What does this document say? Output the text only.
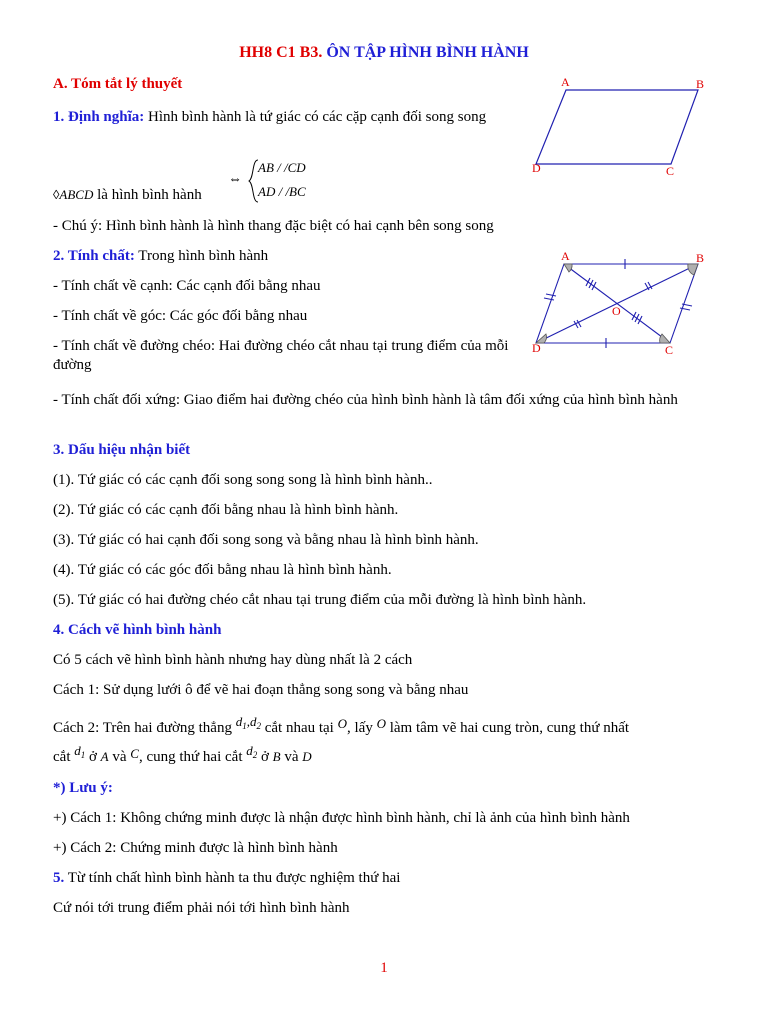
HH8 C1 B3. ÔN TẬP HÌNH BÌNH HÀNH
A. Tóm tắt lý thuyết
1. Định nghĩa: Hình bình hành là tứ giác có các cặp cạnh đối song song
◊ABCD là hình bình hành
⇔
AB / /CD
AD / /BC
A	B
C
D
- Chú ý: Hình bình hành là hình thang đặc biệt có hai cạnh bên song song
2. Tính chất: Trong hình bình hành
- Tính chất về cạnh: Các cạnh đối bằng nhau
- Tính chất về góc: Các góc đối bằng nhau
- Tính chất về đường chéo: Hai đường chéo cắt nhau tại trung điểm của mỗi đường
A	B
C
D
O
- Tính chất đối xứng: Giao điểm hai đường chéo của hình bình hành là tâm đối xứng của hình bình hành
3. Dấu hiệu nhận biết
(1). Tứ giác có các cạnh đối song song song là hình bình hành..
(2). Tứ giác có các cạnh đối bằng nhau là hình bình hành.
(3). Tứ giác có hai cạnh đối song song và bằng nhau là hình bình hành.
(4). Tứ giác có các góc đối bằng nhau là hình bình hành.
(5). Tứ giác có hai đường chéo cắt nhau tại trung điểm của mỗi đường là hình bình hành.
4. Cách vẽ hình bình hành
Có 5 cách vẽ hình bình hành nhưng hay dùng nhất là 2 cách
Cách 1: Sử dụng lưới ô để vẽ hai đoạn thẳng song song và bằng nhau
Cách 2: Trên hai đường thẳng $d_1,d_2$ cắt nhau tại O, lấy O làm tâm vẽ hai cung tròn, cung thứ nhất
cắt $d_1$ ở A và C, cung thứ hai cắt $d_2$ ở B và D
*) Lưu ý:
+) Cách 1: Không chứng minh được là nhận được hình bình hành, chỉ là ảnh của hình bình hành
+) Cách 2: Chứng minh được là hình bình hành
5. Từ tính chất hình bình hành ta thu được nghiệm thứ hai
Cứ nói tới trung điểm phải nói tới hình bình hành
1
